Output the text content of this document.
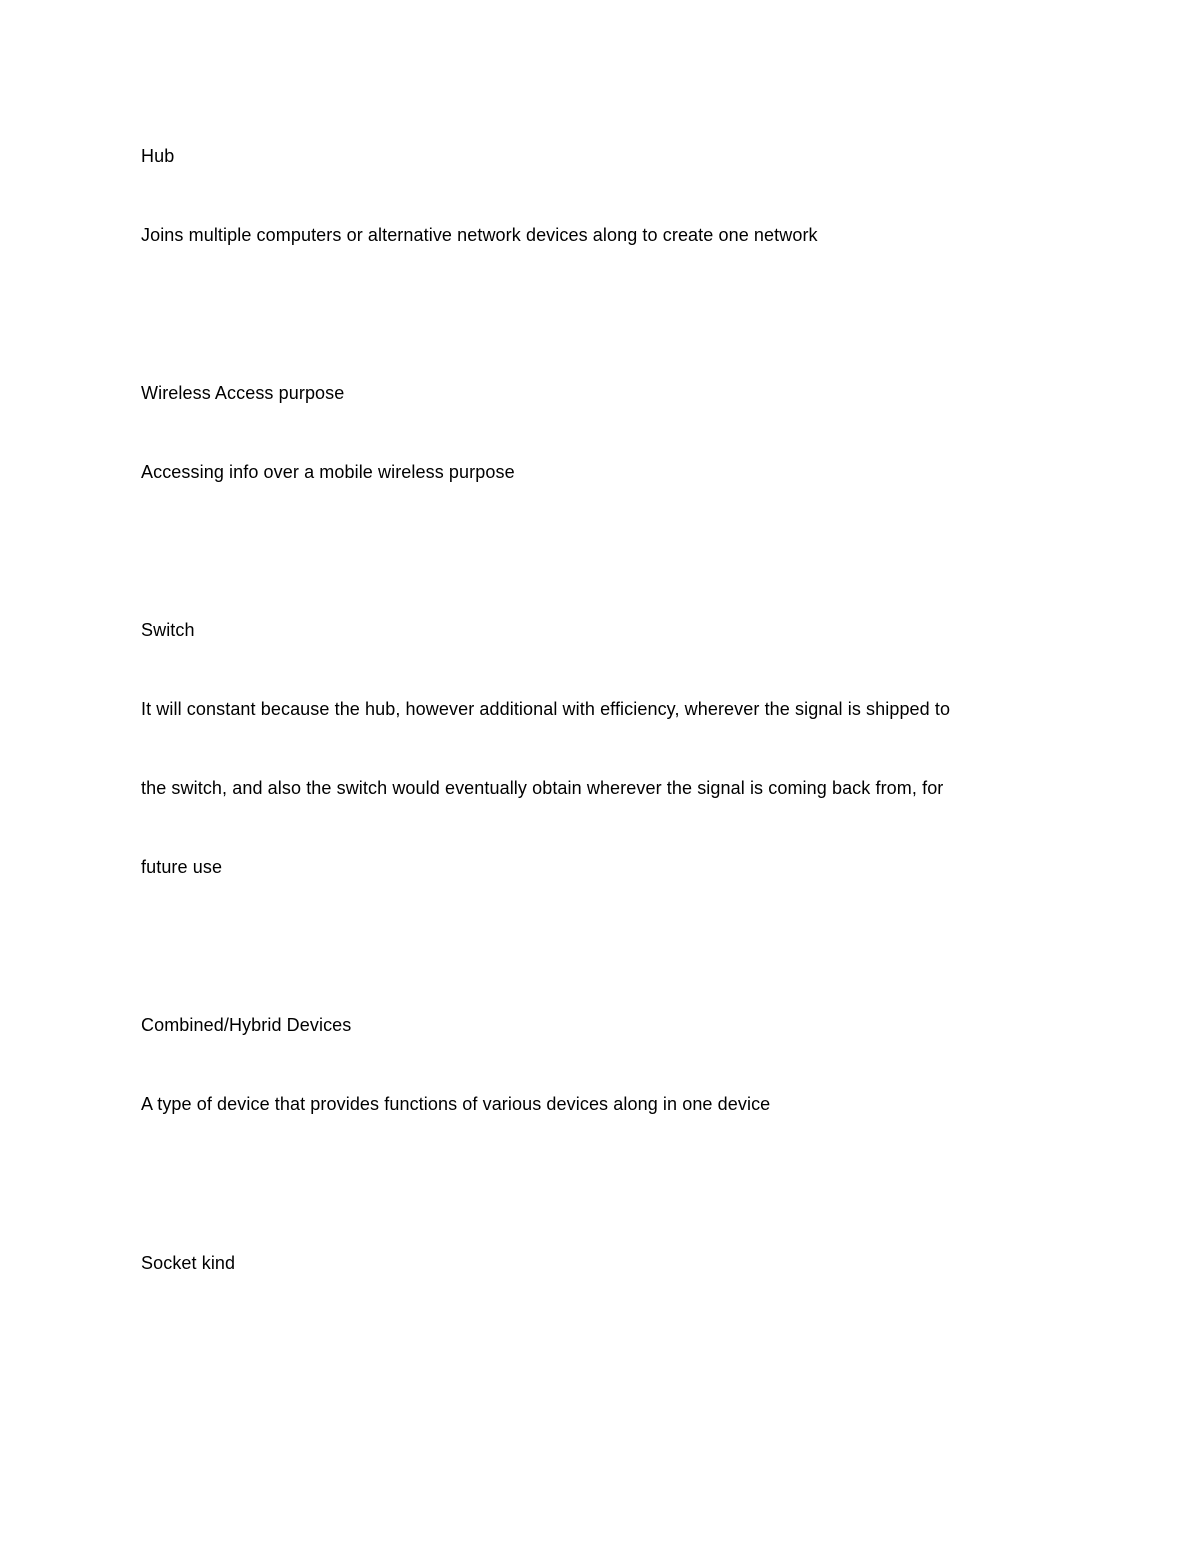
Hub
Joins multiple computers or alternative network devices along to create one network
Wireless Access purpose
Accessing info over a mobile wireless purpose
Switch
It will constant because the hub, however additional with efficiency, wherever the signal is shipped to
the switch, and also the switch would eventually obtain wherever the signal is coming back from, for
future use
Combined/Hybrid Devices
A type of device that provides functions of various devices along in one device
Socket kind
